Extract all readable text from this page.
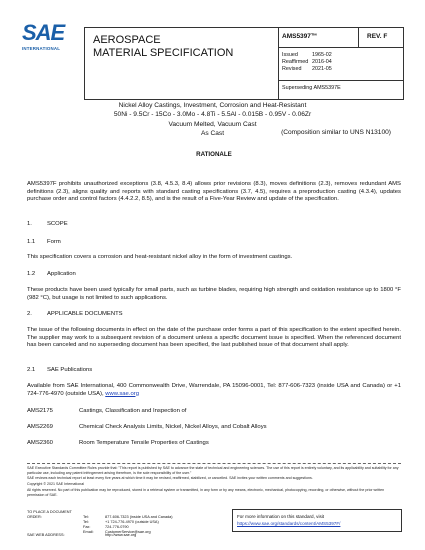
SAE
INTERNATIONAL
AEROSPACE
MATERIAL SPECIFICATION
AMS5397™	REV. F
Issued	1965-02
Reaffirmed 2016-04
Revised 2021-05
Superseding AMS5397E
Nickel Alloy Castings, Investment, Corrosion and Heat-Resistant
50Ni - 9.5Cr - 15Co - 3.0Mo - 4.8Ti - 5.5Al - 0.015B - 0.95V - 0.06Zr
Vacuum Melted, Vacuum Cast
As Cast	(Composition similar to UNS N13100)
RATIONALE
AMS5397F prohibits unauthorized exceptions (3.8, 4.5.3, 8.4) allows prior revisions (8.3), moves definitions (2.3), removes redundant AMS definitions (2.3), aligns quality and reports with standard casting specifications (3.7, 4.5), requires a preproduction casting (4.3.4), updates purchase order and control factors (4.4.2.2, 8.5), and is the result of a Five-Year Review and update of the specification.
1.	SCOPE
1.1 Form
This specification covers a corrosion and heat-resistant nickel alloy in the form of investment castings.
1.2 Application
These products have been used typically for small parts, such as turbine blades, requiring high strength and oxidation resistance up to 1800 °F (982 °C), but usage is not limited to such applications.
2.	APPLICABLE DOCUMENTS
The issue of the following documents in effect on the date of the purchase order forms a part of this specification to the extent specified herein. The supplier may work to a subsequent revision of a document unless a specific document issue is specified. When the referenced document has been canceled and no superseding document has been specified, the last published issue of that document shall apply.
2.1 SAE Publications
Available from SAE International, 400 Commonwealth Drive, Warrendale, PA 15096-0001, Tel: 877-606-7323 (inside USA and Canada) or +1 724-776-4970 (outside USA), www.sae.org
AMS2175	Castings, Classification and Inspection of
AMS2269	Chemical Check Analysis Limits, Nickel, Nickel Alloys, and Cobalt Alloys
AMS2360	Room Temperature Tensile Properties of Castings

SAE Executive Standards Committee Rules provide that: "This report is published by SAE to advance the state of technical and engineering sciences. The use of this report is entirely voluntary, and its applicability and suitability for any particular use, including any patent infringement arising therefrom, is the sole responsibility of the user."

SAE reviews each technical report at least every five years at which time it may be revised, reaffirmed, stabilized, or cancelled. SAE invites your written comments and suggestions.

Copyright © 2021 SAE International

All rights reserved. No part of this publication may be reproduced, stored in a retrieval system or transmitted, in any form or by any means, electronic, mechanical, photocopying, recording, or otherwise, without the prior written permission of SAE.

TO PLACE A DOCUMENT ORDER:	Tel:	877-606-7323 (inside USA and Canada)
Tel:	+1 724-776-4970 (outside USA)
Fax:	724-776-0790
Email:	CustomerService@sae.org
SAE WEB ADDRESS:	http://www.sae.org
For more information on this standard, visit
https://www.sae.org/standards/content/AMS5397F/
